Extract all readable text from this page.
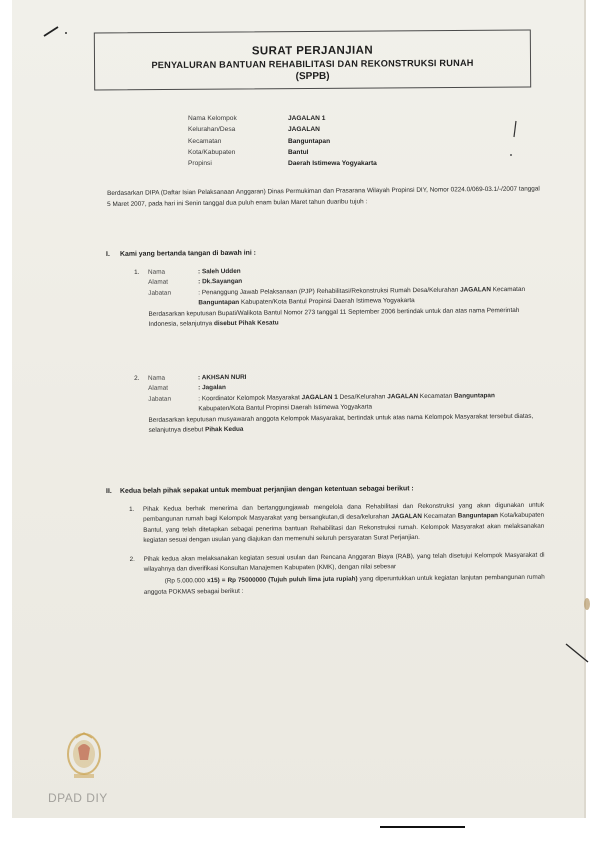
SURAT PERJANJIAN
PENYALURAN BANTUAN REHABILITASI DAN REKONSTRUKSI RUNAH
(SPPB)
Nama Kelompok	JAGALAN 1
Kelurahan/Desa	JAGALAN
Kecamatan	Banguntapan
Kota/Kabupaten	Bantul
Propinsi	Daerah Istimewa Yogyakarta
Berdasarkan DIPA (Daftar Isian Pelaksanaan Anggaran) Dinas Permukiman dan Prasarana Wilayah Propinsi DIY, Nomor 0224.0/069-03.1/-/2007 tanggal 5 Maret 2007, pada hari ini Senin tanggal dua puluh enam bulan Maret tahun duaribu tujuh :
I. Kami yang bertanda tangan di bawah ini :
1.	Nama	: Saleh Udden
Alamat	: Dk.Sayangan
Jabatan	: Penanggung Jawab Pelaksanaan (PJP) Rehabilitasi/Rekonstruksi Rumah Desa/Kelurahan JAGALAN Kecamatan Banguntapan Kabupaten/Kota Bantul Propinsi Daerah Istimewa Yogyakarta
Berdasarkan keputusan Bupati/Walikota Bantul Nomor 273 tanggal 11 September 2006 bertindak untuk dan atas nama Pemerintah Indonesia, selanjutnya disebut Pihak Kesatu
2.	Nama	: AKHSAN NURI
Alamat	: Jagalan
Jabatan	: Koordinator Kelompok Masyarakat JAGALAN 1 Desa/Kelurahan JAGALAN Kecamatan Banguntapan Kabupaten/Kota Bantul Propinsi Daerah Istimewa Yogyakarta
Berdasarkan keputusan musyawarah anggota Kelompok Masyarakat, bertindak untuk atas nama Kelompok Masyarakat tersebut diatas, selanjutnya disebut Pihak Kedua
II. Kedua belah pihak sepakat untuk membuat perjanjian dengan ketentuan sebagai berikut :
1.	Pihak Kedua berhak menerima dan bertanggungjawab mengelola dana Rehabilitasi dan Rekonstruksi yang akan digunakan untuk pembangunan rumah bagi Kelompok Masyarakat yang bersangkutan,di desa/kelurahan JAGALAN Kecamatan Banguntapan Kota/kabupaten Bantul, yang telah ditetapkan sebagai penerima bantuan Rehabilitasi dan Rekonstruksi rumah. Kelompok Masyarakat akan melaksanakan kegiatan sesuai dengan usulan yang diajukan dan memenuhi seluruh persyaratan Surat Perjanjian.
2.	Pihak kedua akan melaksanakan kegiatan sesuai usulan dan Rencana Anggaran Biaya (RAB), yang telah disetujui Kelompok Masyarakat di wilayahnya dan diverifikasi Konsultan Manajemen Kabupaten (KMK), dengan nilai sebesar
(Rp 5.000.000 x15) = Rp 75000000 (Tujuh puluh lima juta rupiah) yang diperuntukkan untuk kegiatan lanjutan pembangunan rumah anggota POKMAS sebagai berikut :
DPAD DIY
